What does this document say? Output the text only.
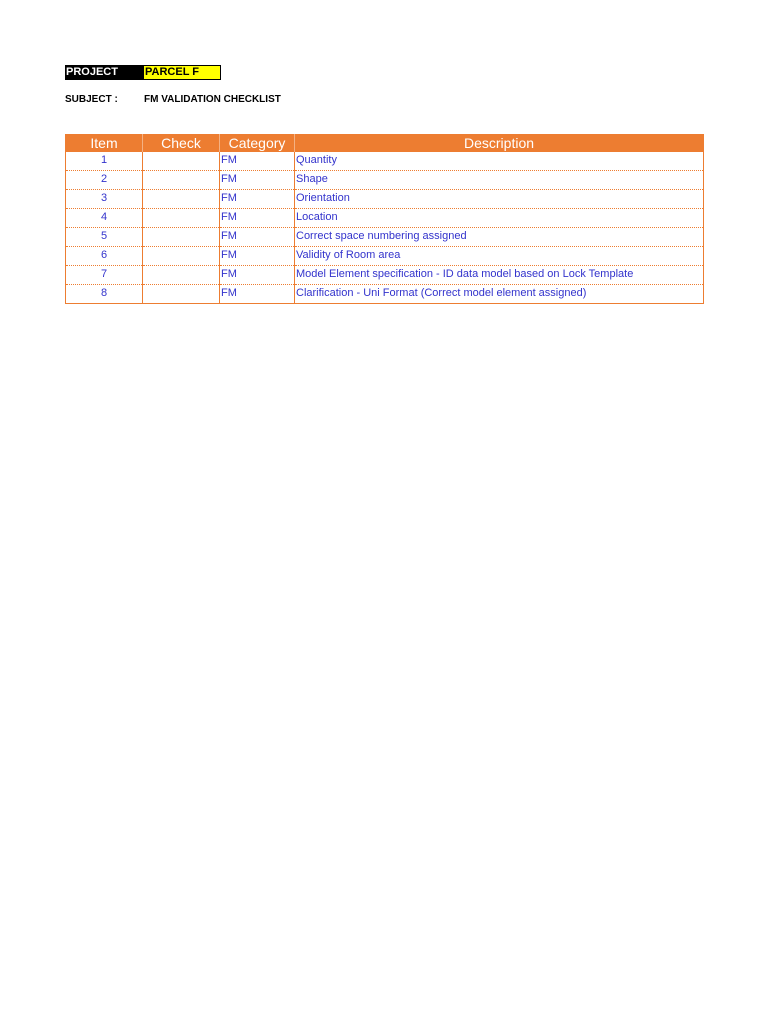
PROJECT	PARCEL F
SUBJECT :	FM VALIDATION CHECKLIST
Item	Check	Category	Description
1		FM	Quantity
2		FM	Shape
3		FM	Orientation
4		FM	Location
5		FM	Correct space numbering assigned
6		FM	Validity of Room area
7		FM	Model Element specification - ID data model based on Lock Template
8		FM	Clarification - Uni Format (Correct model element assigned)
